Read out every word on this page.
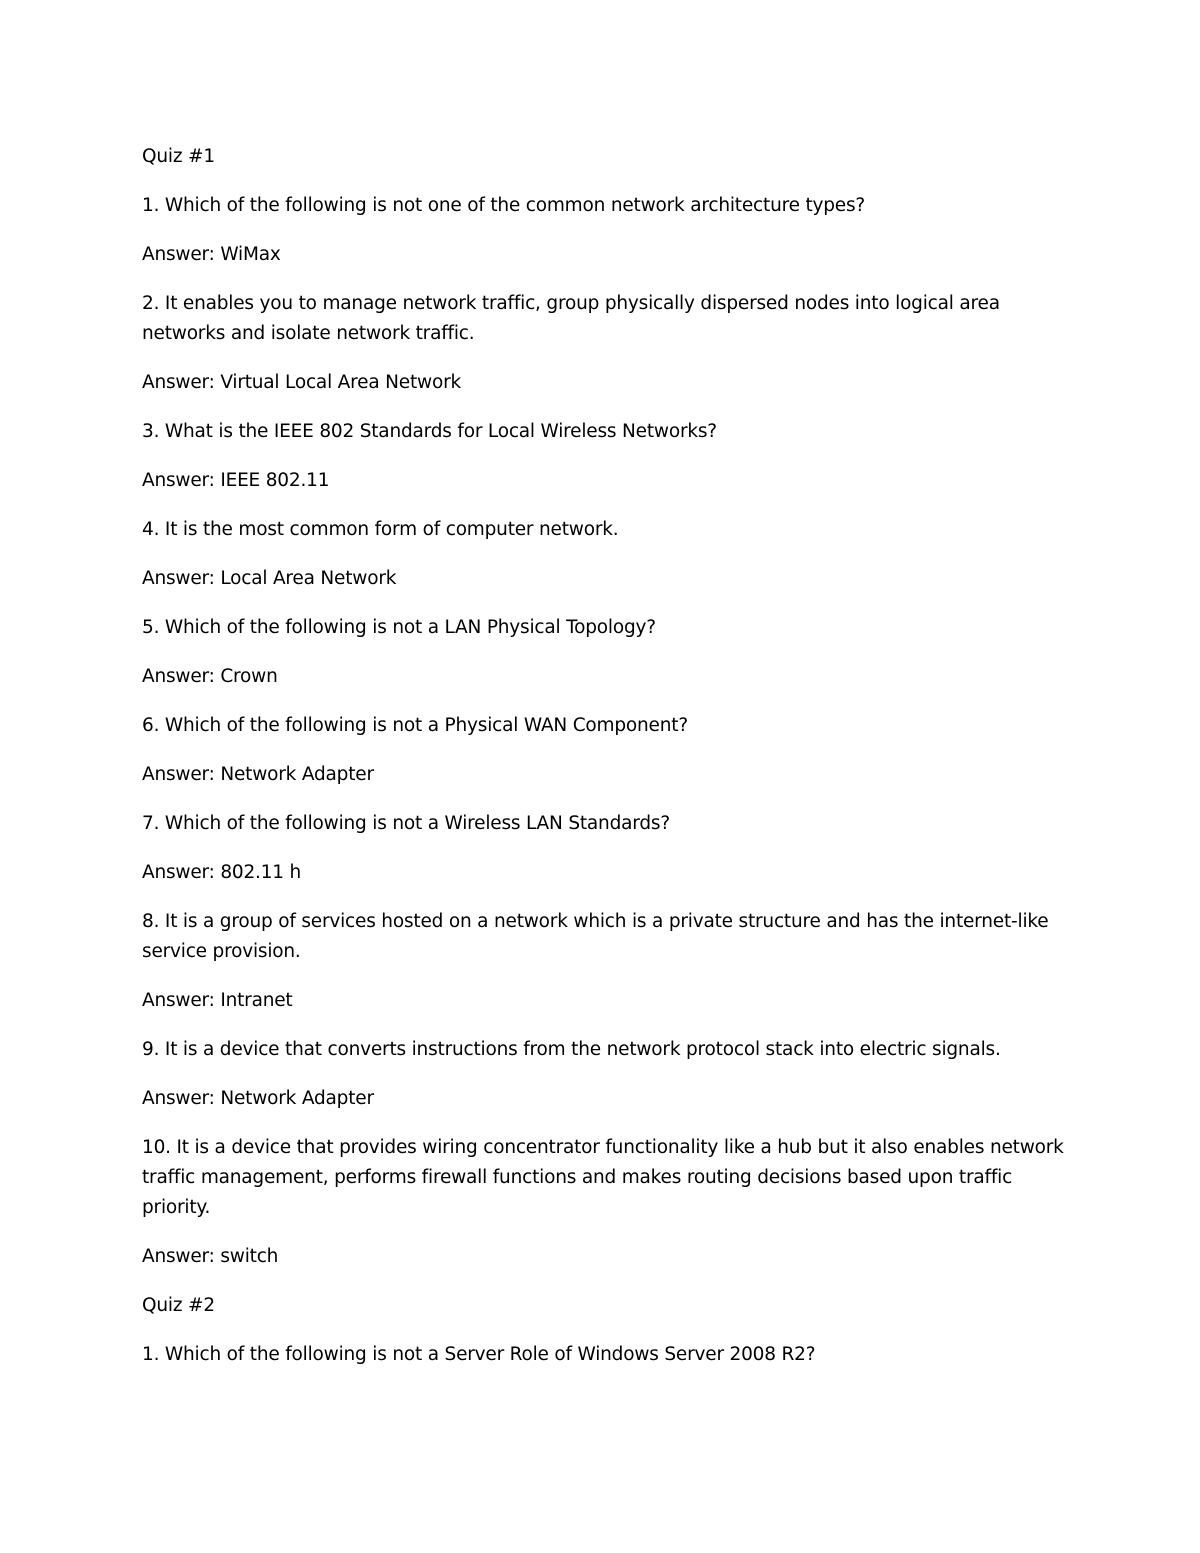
Quiz #1

1. Which of the following is not one of the common network architecture types?

Answer: WiMax

2. It enables you to manage network traffic, group physically dispersed nodes into logical area networks and isolate network traffic.

Answer: Virtual Local Area Network

3. What is the IEEE 802 Standards for Local Wireless Networks?

Answer: IEEE 802.11

4. It is the most common form of computer network.

Answer: Local Area Network

5. Which of the following is not a LAN Physical Topology?

Answer: Crown

6. Which of the following is not a Physical WAN Component?

Answer: Network Adapter

7. Which of the following is not a Wireless LAN Standards?

Answer: 802.11 h

8. It is a group of services hosted on a network which is a private structure and has the internet-like service provision.

Answer: Intranet

9. It is a device that converts instructions from the network protocol stack into electric signals.

Answer: Network Adapter

10. It is a device that provides wiring concentrator functionality like a hub but it also enables network traffic management, performs firewall functions and makes routing decisions based upon traffic priority.

Answer: switch

Quiz #2

1. Which of the following is not a Server Role of Windows Server 2008 R2?
